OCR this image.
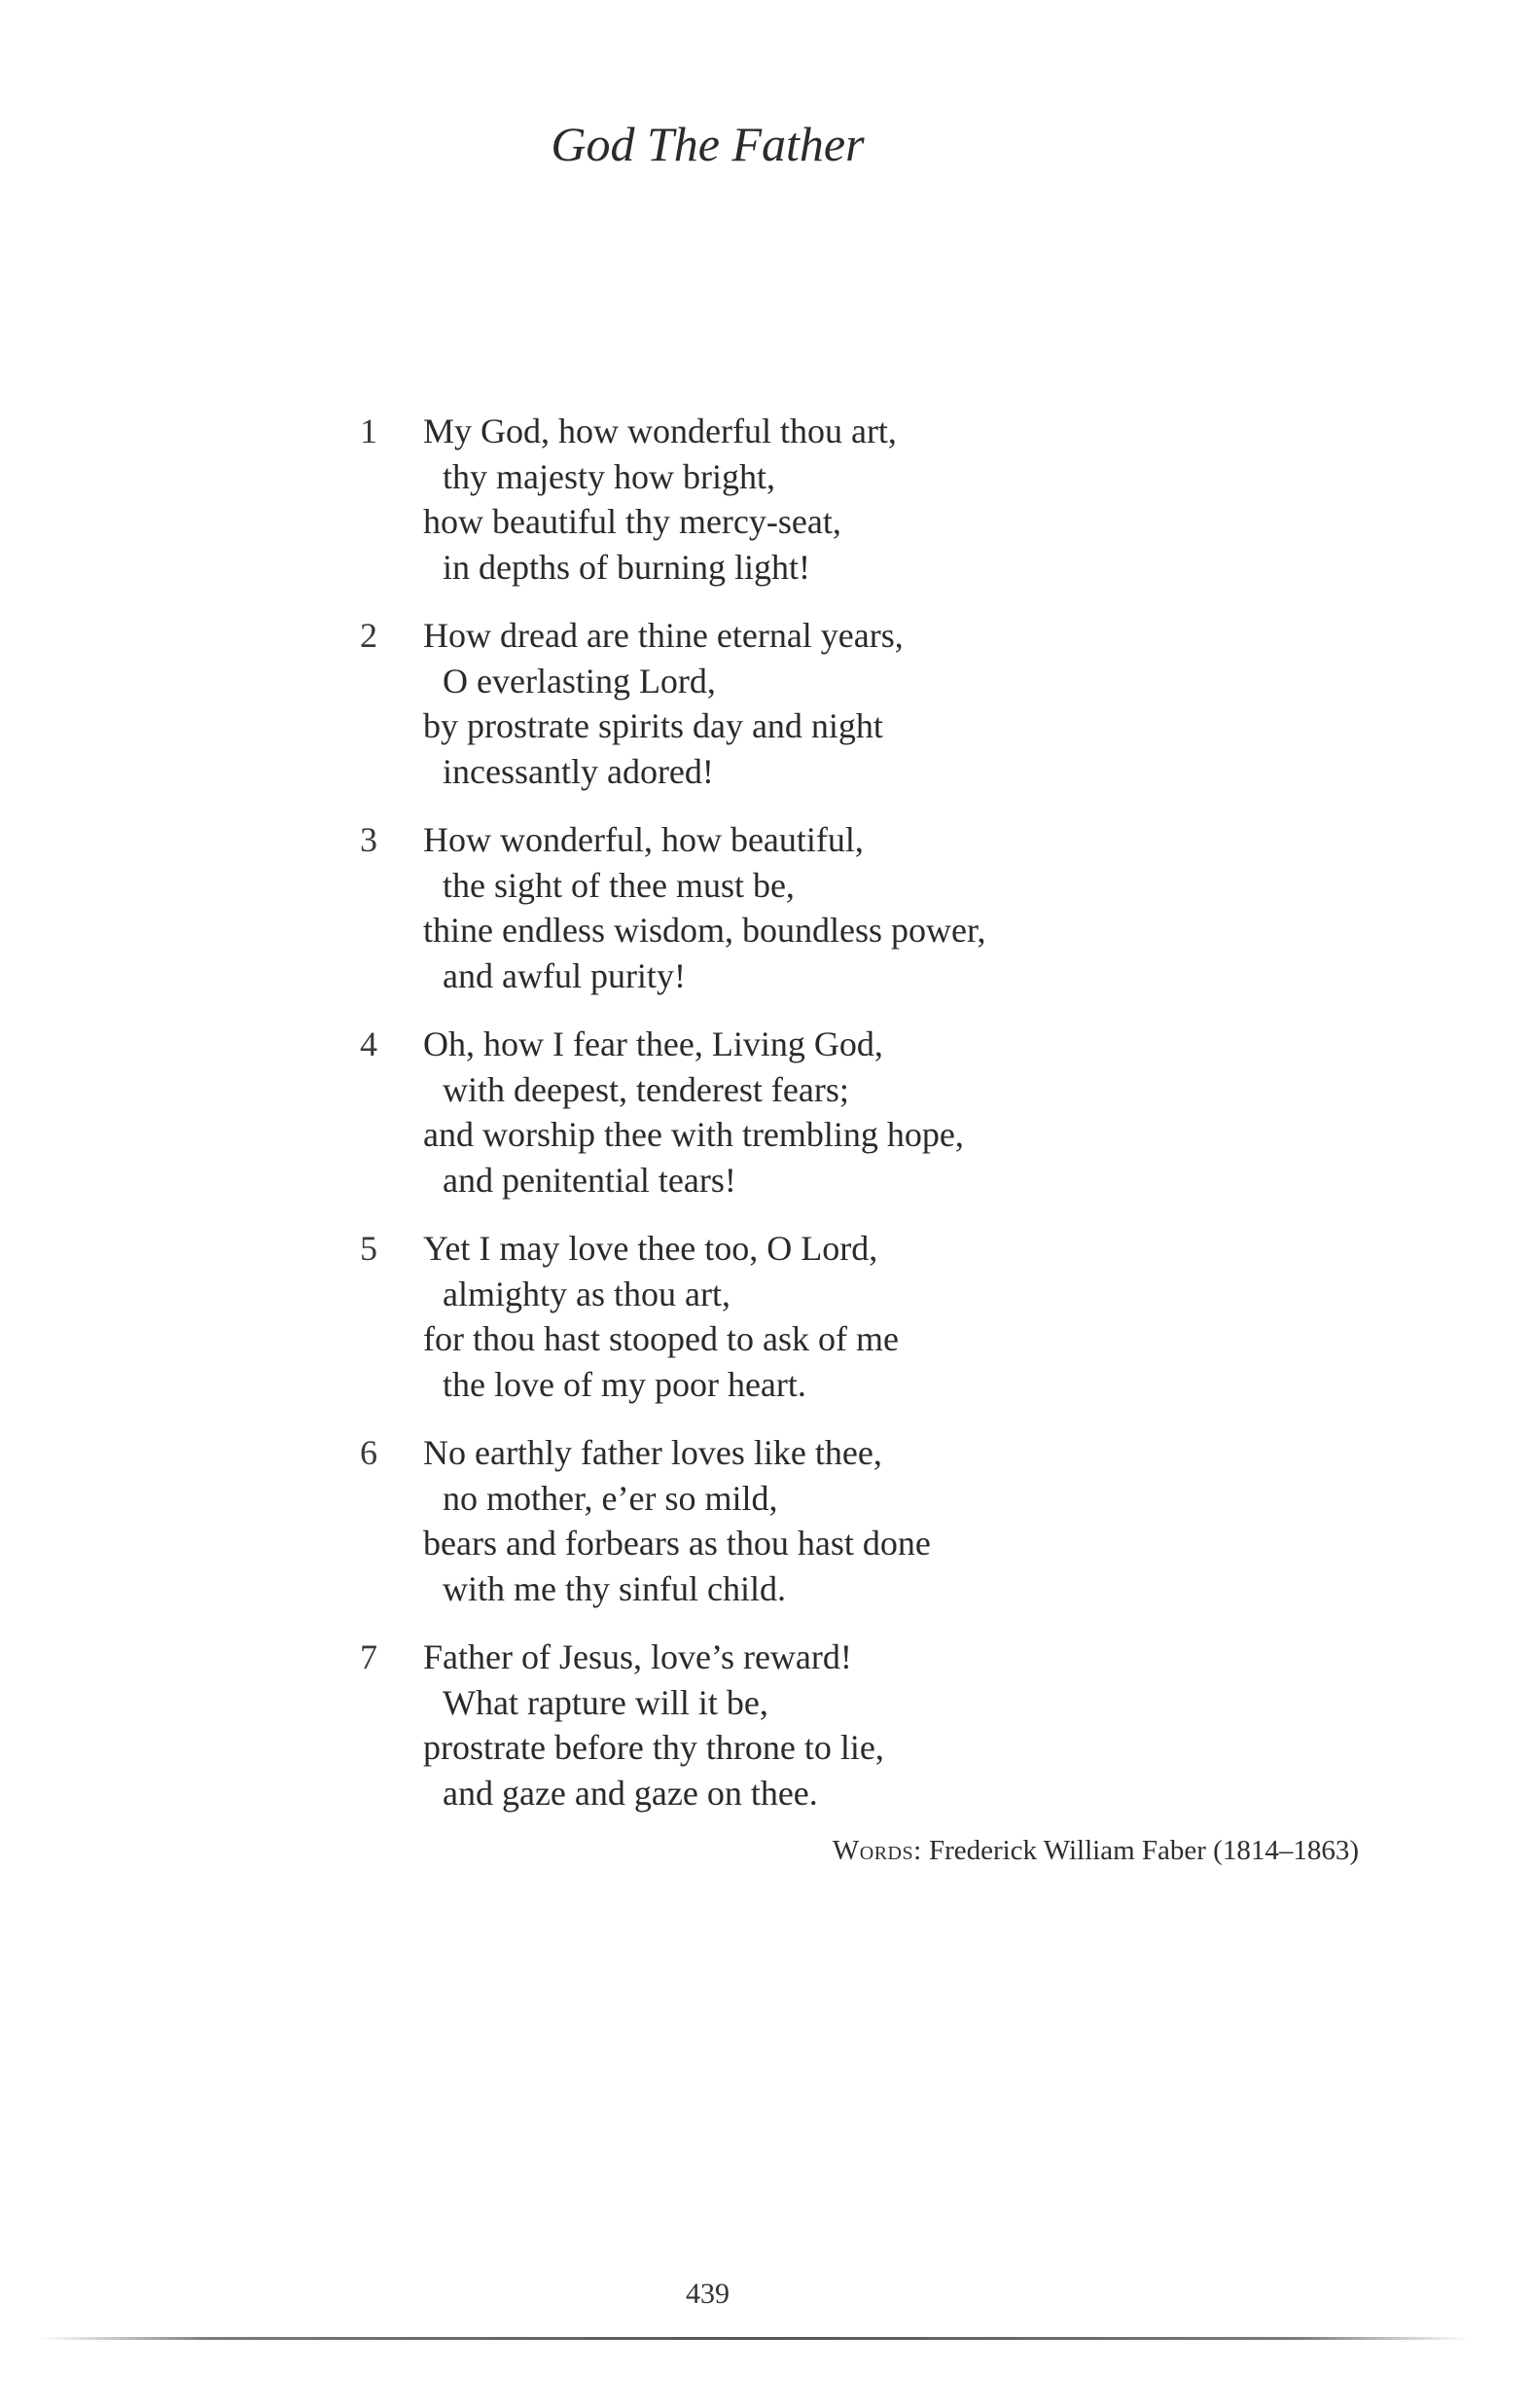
God The Father
1 My God, how wonderful thou art,
thy majesty how bright,
how beautiful thy mercy-seat,
in depths of burning light!
2 How dread are thine eternal years,
O everlasting Lord,
by prostrate spirits day and night
incessantly adored!
3 How wonderful, how beautiful,
the sight of thee must be,
thine endless wisdom, boundless power,
and awful purity!
4 Oh, how I fear thee, Living God,
with deepest, tenderest fears;
and worship thee with trembling hope,
and penitential tears!
5 Yet I may love thee too, O Lord,
almighty as thou art,
for thou hast stooped to ask of me
the love of my poor heart.
6 No earthly father loves like thee,
no mother, e’er so mild,
bears and forbears as thou hast done
with me thy sinful child.
7 Father of Jesus, love’s reward!
What rapture will it be,
prostrate before thy throne to lie,
and gaze and gaze on thee.
Words: Frederick William Faber (1814–1863)
439
